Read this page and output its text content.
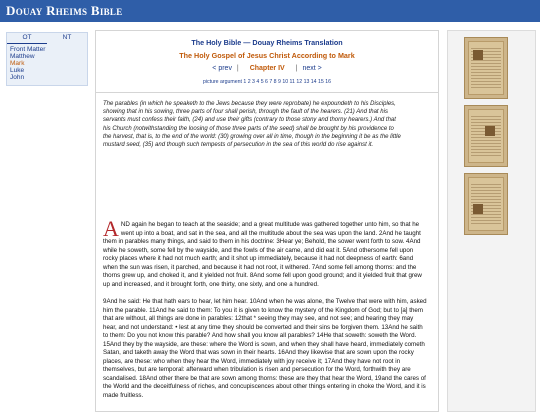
Douay Rheims Bible
OT	NT
Front Matter
Matthew
Mark
Luke
John
The Holy Bible — Douay Rheims Translation
The Holy Gospel of Jesus Christ According to Mark
< prev | Chapter IV | next >
picture argument 1 2 3 4 5 6 7 8 9 10 11 12 13 14 15 16
The parables (in which he speaketh to the Jews because they were reprobate) he expoundeth to his Disciples, showing that in his sowing, three parts of four shall perish, through the fault of the hearers. (21) And that his servants must confess their faith, (24) and use their gifts (contrary to those stony and thorny hearers.) And that his Church (notwithstanding the loosing of those three parts of the seed) shall be brought by his providence to the harvest, that is, to the end of the world: (30) growing over all in time, though in the beginning it be as the little mustard seed, (35) and though such tempests of persecution in the sea of this world do rise against it.
A ND again he began to teach at the seaside; and a great multitude was gathered together unto him, so that he went up into a boat, and sat in the sea, and all the multitude about the sea was upon the land. 2And he taught them in parables many things, and said to them in his doctrine: 3Hear ye; Behold, the sower went forth to sow. 4And while he soweth, some fell by the wayside, and the fowls of the air came, and did eat it. 5And othersome fell upon rocky places where it had not much earth; and it shot up immediately, because it had not deepness of earth: 6and when the sun was risen, it parched, and because it had not root, it withered. 7And some fell among thorns: and the thorns grew up, and choked it, and it yielded not fruit. 8And some fell upon good ground; and it yielded fruit that grew up and increased, and it brought forth, one thirty, one sixty, and one a hundred.
9And he said: He that hath ears to hear, let him hear. 10And when he was alone, the Twelve that were with him, asked him the parable. 11And he said to them: To you it is given to know the mystery of the Kingdom of God; but to [a] them that are without, all things are done in parables: 12that * seeing they may see, and not see; and hearing they may hear, and not understand: • lest at any time they should be converted and their sins be forgiven them. 13And he saith to them: Do you not know this parable? And how shall you know all parables? 14He that soweth: soweth the Word. 15And they by the wayside, are these: where the Word is sown, and when they shall have heard, immediately cometh Satan, and taketh away the Word that was sown in their hearts. 16And they likewise that are sown upon the rocky places, are these: who when they hear the Word, immediately with joy receive it; 17And they have not root in themselves, but are temporal: afterward when tribulation is risen and persecution for the Word, forthwith they are scandalised. 18And other there be that are sown among thorns: these are they that hear the Word, 19and the cares of the World and the deceitfulness of riches, and concupiscences about other things entering in choke the Word, and it is made fruitless.
